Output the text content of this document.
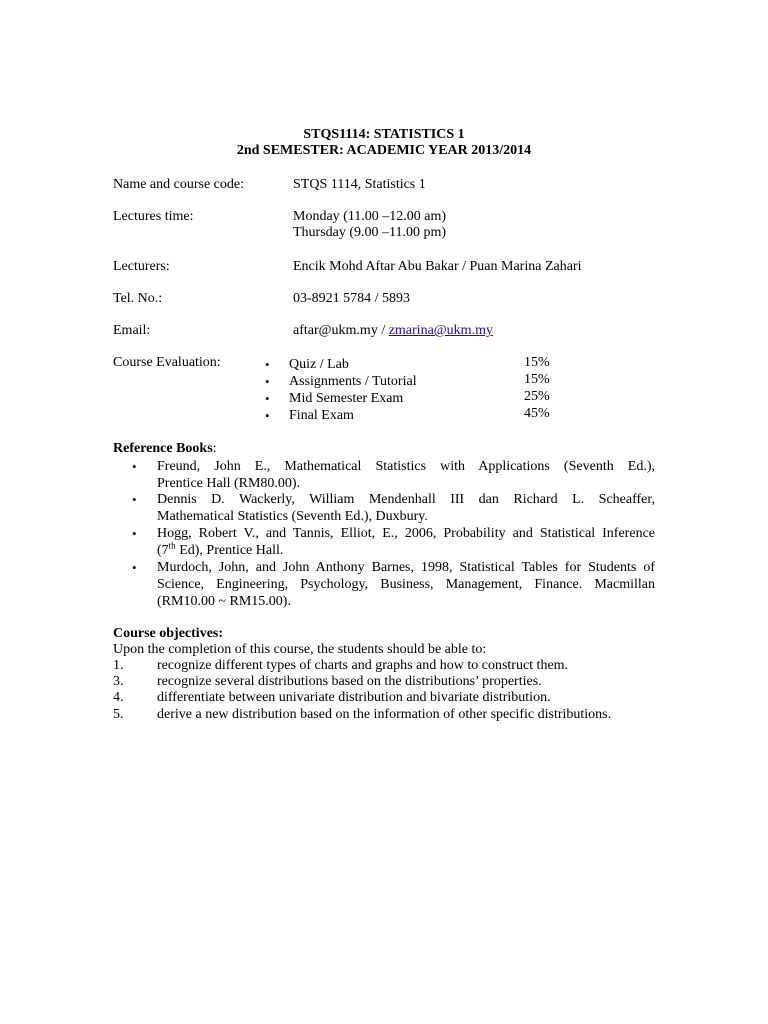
STQS1114: STATISTICS 1
2nd SEMESTER: ACADEMIC YEAR 2013/2014
Name and course code:	STQS 1114, Statistics 1
Lectures time:	Monday (11.00 –12.00 am)
Thursday (9.00 –11.00 pm)
Lecturers:	Encik Mohd Aftar Abu Bakar / Puan Marina Zahari
Tel. No.:	03-8921 5784 / 5893
Email:	aftar@ukm.my / zmarina@ukm.my
Course Evaluation:	• Quiz / Lab	15%
• Assignments / Tutorial	15%
• Mid Semester Exam	25%
• Final Exam	45%
Reference Books:
• Freund, John E., Mathematical Statistics with Applications (Seventh Ed.),
Prentice Hall (RM80.00).
• Dennis D. Wackerly, William Mendenhall III dan Richard L. Scheaffer,
Mathematical Statistics (Seventh Ed.), Duxbury.
• Hogg, Robert V., and Tannis, Elliot, E., 2006, Probability and Statistical Inference
(7th Ed), Prentice Hall.
• Murdoch, John, and John Anthony Barnes, 1998, Statistical Tables for Students of
Science, Engineering, Psychology, Business, Management, Finance. Macmillan
(RM10.00 ~ RM15.00).
Course objectives:
Upon the completion of this course, the students should be able to:
1. recognize different types of charts and graphs and how to construct them.
3. recognize several distributions based on the distributions’ properties.
4. differentiate between univariate distribution and bivariate distribution.
5. derive a new distribution based on the information of other specific distributions.
